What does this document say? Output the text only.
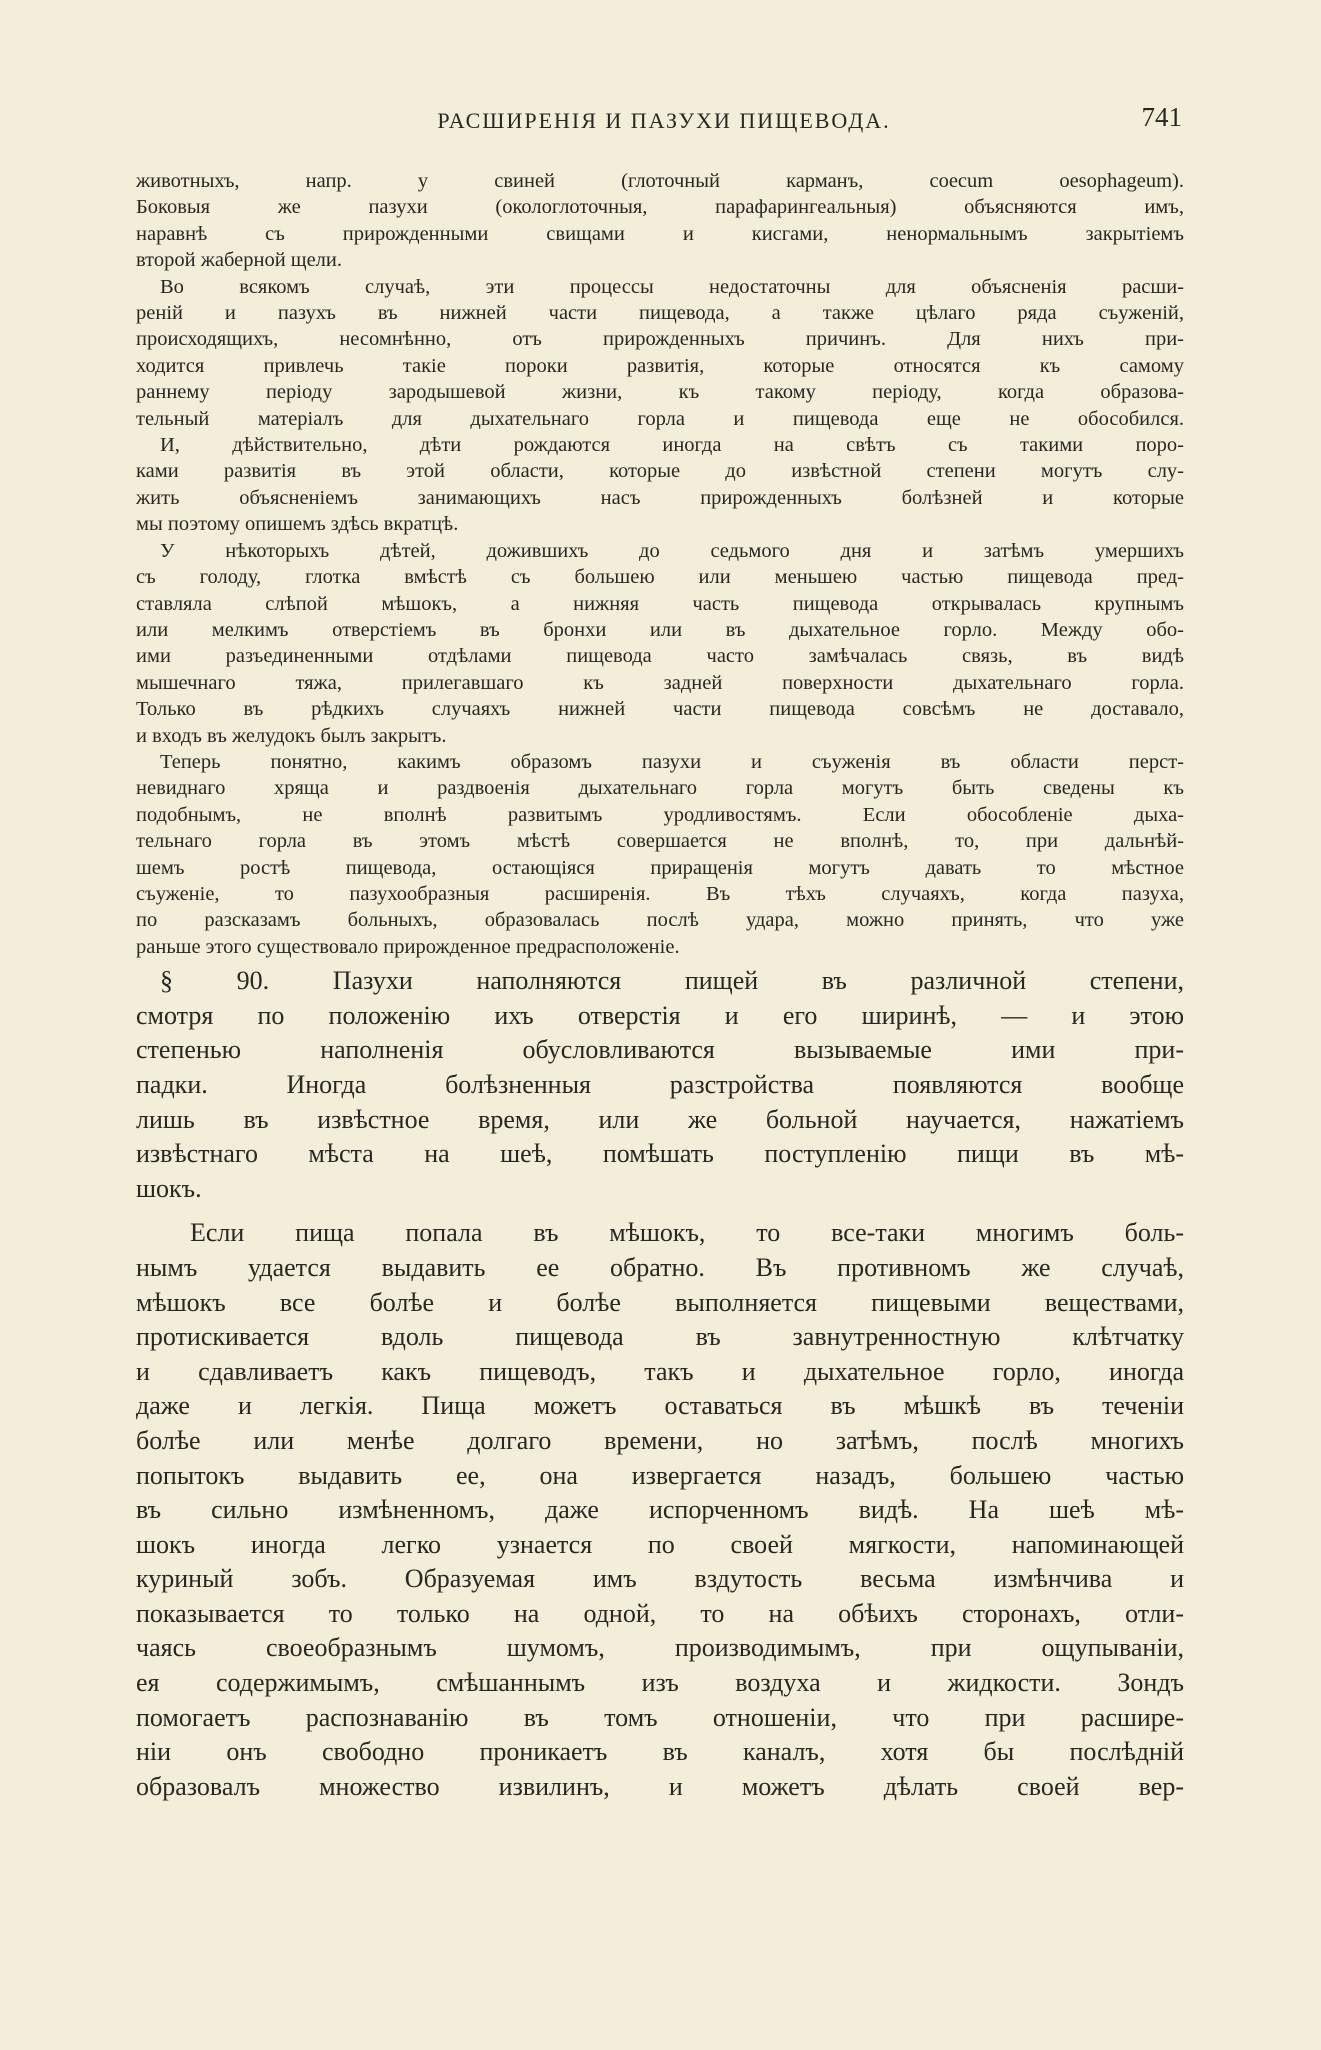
РАСШИРЕНІЯ И ПАЗУХИ ПИЩЕВОДА.	741
животныхъ, напр. у свиней (глоточный карманъ, coecum oesophageum).
Боковыя же пазухи (окологлоточныя, парафарингеальныя) объясняются имъ,
наравнѣ съ прирожденными свищами и кисгами, ненормальнымъ закрытіемъ
второй жаберной щели.
Во всякомъ случаѣ, эти процессы недостаточны для объясненія расши-
реній и пазухъ въ нижней части пищевода, а также цѣлаго ряда съуженій,
происходящихъ, несомнѣнно, отъ прирожденныхъ причинъ. Для нихъ при-
ходится привлечь такіе пороки развитія, которые относятся къ самому
раннему періоду зародышевой жизни, къ такому періоду, когда образова-
тельный матеріалъ для дыхательнаго горла и пищевода еще не обособился.
И, дѣйствительно, дѣти рождаются иногда на свѣтъ съ такими поро-
ками развитія въ этой области, которые до извѣстной степени могутъ слу-
жить объясненіемъ занимающихъ насъ прирожденныхъ болѣзней и которые
мы поэтому опишемъ здѣсь вкратцѣ.
У нѣкоторыхъ дѣтей, дожившихъ до седьмого дня и затѣмъ умершихъ
съ голоду, глотка вмѣстѣ съ большею или меньшею частью пищевода пред-
ставляла слѣпой мѣшокъ, а нижняя часть пищевода открывалась крупнымъ
или мелкимъ отверстіемъ въ бронхи или въ дыхательное горло. Между обо-
ими разъединенными отдѣлами пищевода часто замѣчалась связь, въ видѣ
мышечнаго тяжа, прилегавшаго къ задней поверхности дыхательнаго горла.
Только въ рѣдкихъ случаяхъ нижней части пищевода совсѣмъ не доставало,
и входъ въ желудокъ былъ закрытъ.
Теперь понятно, какимъ образомъ пазухи и съуженія въ области перст-
невиднаго хряща и раздвоенія дыхательнаго горла могутъ быть сведены къ
подобнымъ, не вполнѣ развитымъ уродливостямъ. Если обособленіе дыха-
тельнаго горла въ этомъ мѣстѣ совершается не вполнѣ, то, при дальнѣй-
шемъ ростѣ пищевода, остающіяся приращенія могутъ давать то мѣстное
съуженіе, то пазухообразныя расширенія. Въ тѣхъ случаяхъ, когда пазуха,
по разсказамъ больныхъ, образовалась послѣ удара, можно принять, что уже
раньше этого существовало прирожденное предрасположеніе.
§ 90. Пазухи наполняются пищей въ различной степени,
смотря по положенію ихъ отверстія и его ширинѣ, — и этою
степенью наполненія обусловливаются вызываемые ими при-
падки. Иногда болѣзненныя разстройства появляются вообще
лишь въ извѣстное время, или же больной научается, нажатіемъ
извѣстнаго мѣста на шеѣ, помѣшать поступленію пищи въ мѣ-
шокъ.
Если пища попала въ мѣшокъ, то все-таки многимъ боль-
нымъ удается выдавить ее обратно. Въ противномъ же случаѣ,
мѣшокъ все болѣе и болѣе выполняется пищевыми веществами,
протискивается вдоль пищевода въ завнутренностную клѣтчатку
и сдавливаетъ какъ пищеводъ, такъ и дыхательное горло, иногда
даже и легкія. Пища можетъ оставаться въ мѣшкѣ въ теченіи
болѣе или менѣе долгаго времени, но затѣмъ, послѣ многихъ
попытокъ выдавить ее, она извергается назадъ, большею частью
въ сильно измѣненномъ, даже испорченномъ видѣ. На шеѣ мѣ-
шокъ иногда легко узнается по своей мягкости, напоминающей
куриный зобъ. Образуемая имъ вздутость весьма измѣнчива и
показывается то только на одной, то на обѣихъ сторонахъ, отли-
чаясь своеобразнымъ шумомъ, производимымъ, при ощупываніи,
ея содержимымъ, смѣшаннымъ изъ воздуха и жидкости. Зондъ
помогаетъ распознаванію въ томъ отношеніи, что при расшире-
ніи онъ свободно проникаетъ въ каналъ, хотя бы послѣдній
образовалъ множество извилинъ, и можетъ дѣлать своей вер-
